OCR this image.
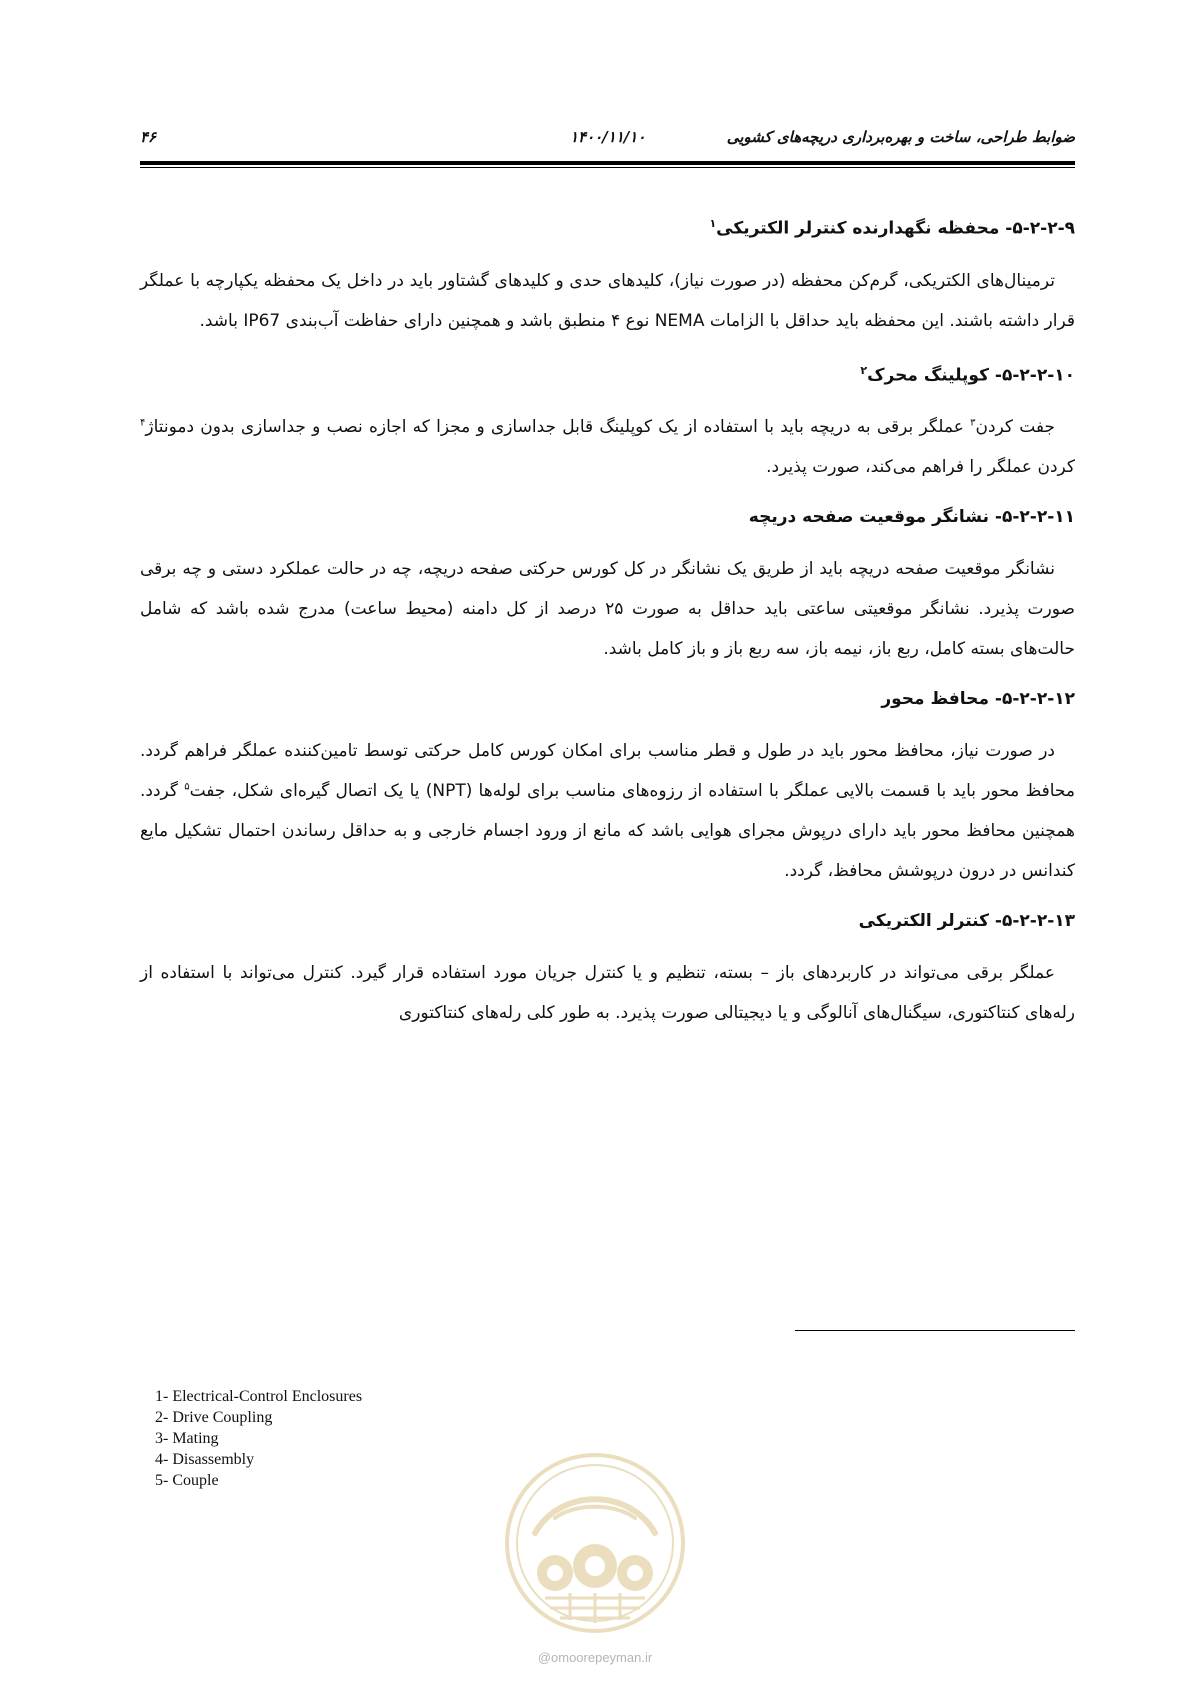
ضوابط طراحی، ساخت و بهره‌برداری دریچه‌های کشویی
۱۴۰۰/۱۱/۱۰
۴۶
۵-۲-۲-۹- محفظه نگهدارنده کنترلر الکتریکی$^۱$

ترمینال‌های الکتریکی، گرم‌کن محفظه (در صورت نیاز)، کلیدهای حدی و کلیدهای گشتاور باید در داخل یک محفظه یکپارچه با عملگر قرار داشته باشند. این محفظه باید حداقل با الزامات NEMA نوع ۴ منطبق باشد و همچنین دارای حفاظت آب‌بندی IP67 باشد.

۵-۲-۲-۱۰- کوپلینگ محرک$^۲$

جفت کردن$^۳$ عملگر برقی به دریچه باید با استفاده از یک کوپلینگ قابل جداسازی و مجزا که اجازه نصب و جداسازی بدون دمونتاژ$^۴$ کردن عملگر را فراهم می‌کند، صورت پذیرد.

۵-۲-۲-۱۱- نشانگر موقعیت صفحه دریچه

نشانگر موقعیت صفحه دریچه باید از طریق یک نشانگر در کل کورس حرکتی صفحه دریچه، چه در حالت عملکرد دستی و چه برقی صورت پذیرد. نشانگر موقعیتی ساعتی باید حداقل به صورت ۲۵ درصد از کل دامنه (محیط ساعت) مدرج شده باشد که شامل حالت‌های بسته کامل، ربع باز، نیمه باز، سه ربع باز و باز کامل باشد.

۵-۲-۲-۱۲- محافظ محور

در صورت نیاز، محافظ محور باید در طول و قطر مناسب برای امکان کورس کامل حرکتی توسط تامین‌کننده عملگر فراهم گردد. محافظ محور باید با قسمت بالایی عملگر با استفاده از رزوه‌های مناسب برای لوله‌ها (NPT) یا یک اتصال گیره‌ای شکل، جفت$^۵$ گردد. همچنین محافظ محور باید دارای درپوش مجرای هوایی باشد که مانع از ورود اجسام خارجی و به حداقل رساندن احتمال تشکیل مایع کندانس در درون درپوشش محافظ، گردد.

۵-۲-۲-۱۳- کنترلر الکتریکی

عملگر برقی می‌تواند در کاربردهای باز – بسته، تنظیم و یا کنترل جریان مورد استفاده قرار گیرد. کنترل می‌تواند با استفاده از رله‌های کنتاکتوری، سیگنال‌های آنالوگی و یا دیجیتالی صورت پذیرد. به طور کلی رله‌های کنتاکتوری

1- Electrical-Control Enclosures
2- Drive Coupling
3- Mating
4- Disassembly
5- Couple
@omoorepeyman.ir
